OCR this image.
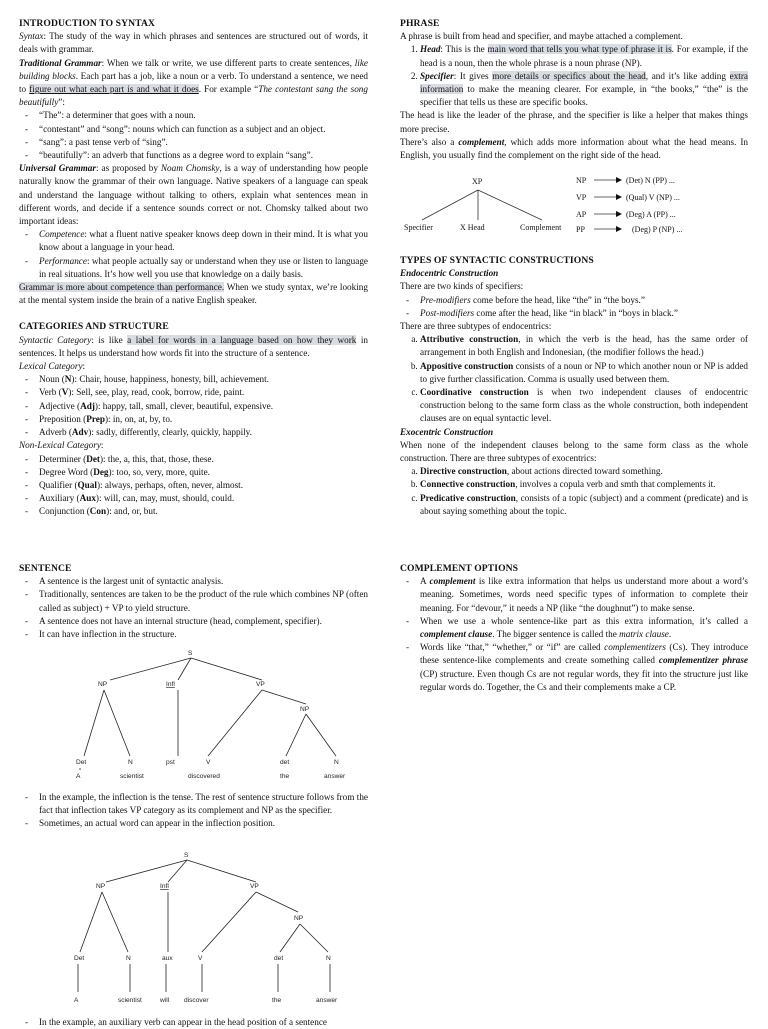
INTRODUCTION TO SYNTAX

Syntax: The study of the way in which phrases and sentences are structured out of words, it deals with grammar.

Traditional Grammar: When we talk or write, we use different parts to create sentences, like building blocks. Each part has a job, like a noun or a verb. To understand a sentence, we need to figure out what each part is and what it does. For example “The contestant sang the song beautifully”:

- “The”: a determiner that goes with a noun.
- “contestant” and “song”: nouns which can function as a subject and an object.
- “sang”: a past tense verb of “sing”.
- “beautifully”: an adverb that functions as a degree word to explain “sang”.

Universal Grammar: as proposed by Noam Chomsky, is a way of understanding how people naturally know the grammar of their own language. Native speakers of a language can speak and understand the language without talking to others, explain what sentences mean in different words, and decide if a sentence sounds correct or not. Chomsky talked about two important ideas:

- Competence: what a fluent native speaker knows deep down in their mind. It is what you know about a language in your head.
- Performance: what people actually say or understand when they use or listen to language in real situations. It’s how well you use that knowledge on a daily basis.

Grammar is more about competence than performance. When we study syntax, we’re looking at the mental system inside the brain of a native English speaker.

CATEGORIES AND STRUCTURE

Syntactic Category: is like a label for words in a language based on how they work in sentences. It helps us understand how words fit into the structure of a sentence.

Lexical Category:

- Noun (N): Chair, house, happiness, honesty, bill, achievement.
- Verb (V): Sell, see, play, read, cook, borrow, ride, paint.
- Adjective (Adj): happy, tall, small, clever, beautiful, expensive.
- Preposition (Prep): in, on, at, by, to.
- Adverb (Adv): sadly, differently, clearly, quickly, happily.

Non-Lexical Category:

- Determiner (Det): the, a, this, that, those, these.
- Degree Word (Deg): too, so, very, more, quite.
- Qualifier (Qual): always, perhaps, often, never, almost.
- Auxiliary (Aux): will, can, may, must, should, could.
- Conjunction (Con): and, or, but.
PHRASE

A phrase is built from head and specifier, and maybe attached a complement.

1. Head: This is the main word that tells you what type of phrase it is. For example, if the head is a noun, then the whole phrase is a noun phrase (NP).
2. Specifier: It gives more details or specifics about the head, and it’s like adding extra information to make the meaning clearer. For example, in “the books,” “the” is the specifier that tells us these are specific books.

The head is like the leader of the phrase, and the specifier is like a helper that makes things more precise.

There’s also a complement, which adds more information about what the head means. In English, you usually find the complement on the right side of the head.

XP
Specifier	X Head	Complement
NP	(Det) N (PP) ...
VP	(Qual) V (NP) ...
AP	(Deg) A (PP) ...
PP	(Deg) P (NP) ...
TYPES OF SYNTACTIC CONSTRUCTIONS

Endocentric Construction

There are two kinds of specifiers:

- Pre-modifiers come before the head, like “the” in “the boys.”
- Post-modifiers come after the head, like “in black” in “boys in black.”

There are three subtypes of endocentrics:

a. Attributive construction, in which the verb is the head, has the same order of arrangement in both English and Indonesian, (the modifier follows the head.)
b. Appositive construction consists of a noun or NP to which another noun or NP is added to give further classification. Comma is usually used between them.
c. Coordinative construction is when two independent clauses of endocentric construction belong to the same form class as the whole construction, both independent clauses are on equal syntactic level.

Exocentric Construction

When none of the independent clauses belong to the same form class as the whole construction. There are three subtypes of exocentrics:

a. Directive construction, about actions directed toward something.
b. Connective construction, involves a copula verb and smth that complements it.
c. Predicative construction, consists of a topic (subject) and a comment (predicate) and is about saying something about the topic.
SENTENCE
- A sentence is the largest unit of syntactic analysis.
- Traditionally, sentences are taken to be the product of the rule which combines NP (often called as subject) + VP to yield structure.
- A sentence does not have an internal structure (head, complement, specifier).
- It can have inflection in the structure.
S
NP	Infl	VP
NP
Det	N	pst	V	det	N
A	scientist	discovered	the	answer
- In the example, the inflection is the tense. The rest of sentence structure follows from the fact that inflection takes VP category as its complement and NP as the specifier.
- Sometimes, an actual word can appear in the inflection position.
S
NP	Infl	VP
NP
Det	N	aux	V	det	N
A	scientist	will discover	the	answer
- In the example, an auxiliary verb can appear in the head position of a sentence
COMPLEMENT OPTIONS
- A complement is like extra information that helps us understand more about a word’s meaning. Sometimes, words need specific types of information to complete their meaning. For “devour,” it needs a NP (like “the doughnut”) to make sense.
- When we use a whole sentence-like part as this extra information, it’s called a complement clause. The bigger sentence is called the matrix clause.
- Words like “that,” “whether,” or “if” are called complementizers (Cs). They introduce these sentence-like complements and create something called complementizer phrase (CP) structure. Even though Cs are not regular words, they fit into the structure just like regular words do. Together, the Cs and their complements make a CP.
